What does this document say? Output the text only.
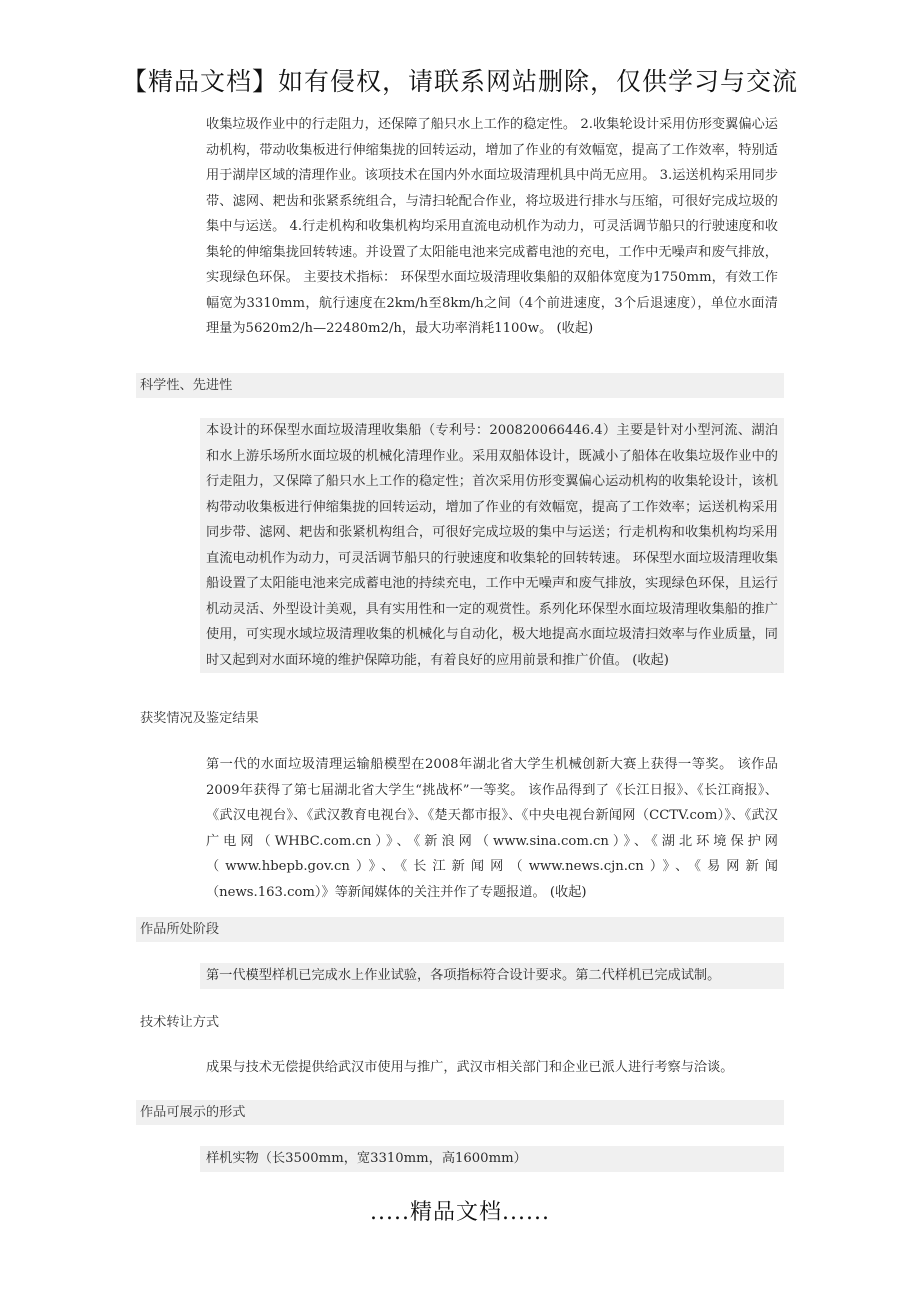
【精品文档】如有侵权，请联系网站删除，仅供学习与交流

收集垃圾作业中的行走阻力，还保障了船只水上工作的稳定性。 2.收集轮设计采用仿形变翼偏心运动机构，带动收集板进行伸缩集拢的回转运动，增加了作业的有效幅宽，提高了工作效率，特别适用于湖岸区域的清理作业。该项技术在国内外水面垃圾清理机具中尚无应用。 3.运送机构采用同步带、滤网、耙齿和张紧系统组合，与清扫轮配合作业，将垃圾进行排水与压缩，可很好完成垃圾的集中与运送。 4.行走机构和收集机构均采用直流电动机作为动力，可灵活调节船只的行驶速度和收集轮的伸缩集拢回转转速。并设置了太阳能电池来完成蓄电池的充电，工作中无噪声和废气排放，实现绿色环保。 主要技术指标： 环保型水面垃圾清理收集船的双船体宽度为1750mm，有效工作幅宽为3310mm，航行速度在2km/h至8km/h之间（4个前进速度，3个后退速度），单位水面清理量为5620m2/h—22480m2/h，最大功率消耗1100w。 (收起)

科学性、先进性

本设计的环保型水面垃圾清理收集船（专利号：200820066446.4）主要是针对小型河流、湖泊和水上游乐场所水面垃圾的机械化清理作业。采用双船体设计，既减小了船体在收集垃圾作业中的行走阻力，又保障了船只水上工作的稳定性；首次采用仿形变翼偏心运动机构的收集轮设计，该机构带动收集板进行伸缩集拢的回转运动，增加了作业的有效幅宽，提高了工作效率；运送机构采用同步带、滤网、耙齿和张紧机构组合，可很好完成垃圾的集中与运送；行走机构和收集机构均采用直流电动机作为动力，可灵活调节船只的行驶速度和收集轮的回转转速。 环保型水面垃圾清理收集船设置了太阳能电池来完成蓄电池的持续充电，工作中无噪声和废气排放，实现绿色环保，且运行机动灵活、外型设计美观，具有实用性和一定的观赏性。系列化环保型水面垃圾清理收集船的推广使用，可实现水域垃圾清理收集的机械化与自动化，极大地提高水面垃圾清扫效率与作业质量，同时又起到对水面环境的维护保障功能，有着良好的应用前景和推广价值。 (收起)

获奖情况及鉴定结果

第一代的水面垃圾清理运输船模型在2008年湖北省大学生机械创新大赛上获得一等奖。 该作品2009年获得了第七届湖北省大学生“挑战杯”一等奖。 该作品得到了《长江日报》、《长江商报》、《武汉电视台》、《武汉教育电视台》、《楚天都市报》、《中央电视台新闻网（CCTV.com）》、《武汉广电网（WHBC.com.cn）》、《新浪网（www.sina.com.cn）》、《湖北环境保护网（www.hbepb.gov.cn）》、《长江新闻网（www.news.cjn.cn）》、《易网新闻（news.163.com）》等新闻媒体的关注并作了专题报道。 (收起)

作品所处阶段

第一代模型样机已完成水上作业试验，各项指标符合设计要求。第二代样机已完成试制。

技术转让方式

成果与技术无偿提供给武汉市使用与推广，武汉市相关部门和企业已派人进行考察与洽谈。

作品可展示的形式

样机实物（长3500mm，宽3310mm，高1600mm）

.....精品文档......
